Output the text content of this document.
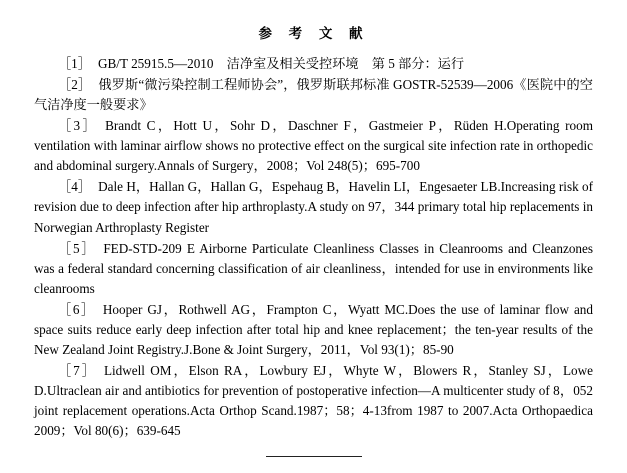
参 考 文 献

［1］ GB/T 25915.5—2010　洁净室及相关受控环境　第 5 部分：运行

［2］ 俄罗斯“微污染控制工程师协会”，俄罗斯联邦标准 GOSTR-52539—2006《医院中的空气洁净度一般要求》

［3］ Brandt C，Hott U，Sohr D，Daschner F，Gastmeier P，Rüden H.Operating room ventilation with laminar airflow shows no protective effect on the surgical site infection rate in orthopedic and abdominal surgery.Annals of Surgery，2008；Vol 248(5)；695-700

［4］ Dale H，Hallan G，Hallan G，Espehaug B，Havelin LI，Engesaeter LB.Increasing risk of revision due to deep infection after hip arthroplasty.A study on 97，344 primary total hip replacements in Norwegian Arthroplasty Register

［5］ FED-STD-209 E Airborne Particulate Cleanliness Classes in Cleanrooms and Cleanzones was a federal standard concerning classification of air cleanliness，intended for use in environments like cleanrooms

［6］ Hooper GJ，Rothwell AG，Frampton C，Wyatt MC.Does the use of laminar flow and space suits reduce early deep infection after total hip and knee replacement；the ten-year results of the New Zealand Joint Registry.J.Bone & Joint Surgery，2011，Vol 93(1)；85-90

［7］ Lidwell OM，Elson RA，Lowbury EJ，Whyte W，Blowers R，Stanley SJ，Lowe D.Ultraclean air and antibiotics for prevention of postoperative infection—A multicenter study of 8，052 joint replacement operations.Acta Orthop Scand.1987；58；4-13from 1987 to 2007.Acta Orthopaedica 2009；Vol 80(6)；639-645
